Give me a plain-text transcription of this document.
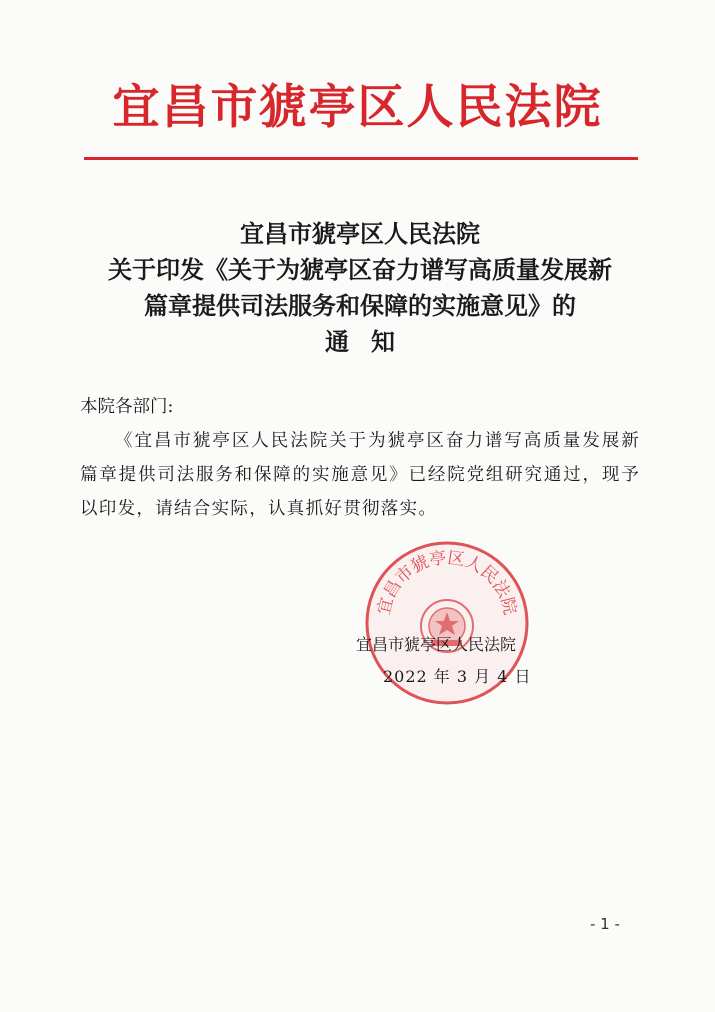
宜昌市猇亭区人民法院
宜昌市猇亭区人民法院
关于印发《关于为猇亭区奋力谱写高质量发展新
篇章提供司法服务和保障的实施意见》的
通知
本院各部门:

《宜昌市猇亭区人民法院关于为猇亭区奋力谱写高质量发展新篇章提供司法服务和保障的实施意见》已经院党组研究通过，现予以印发，请结合实际，认真抓好贯彻落实。

宜昌市猇亭区人民法院
宜昌市猇亭区人民法院
2022 年 3 月 4 日
- 1 -
